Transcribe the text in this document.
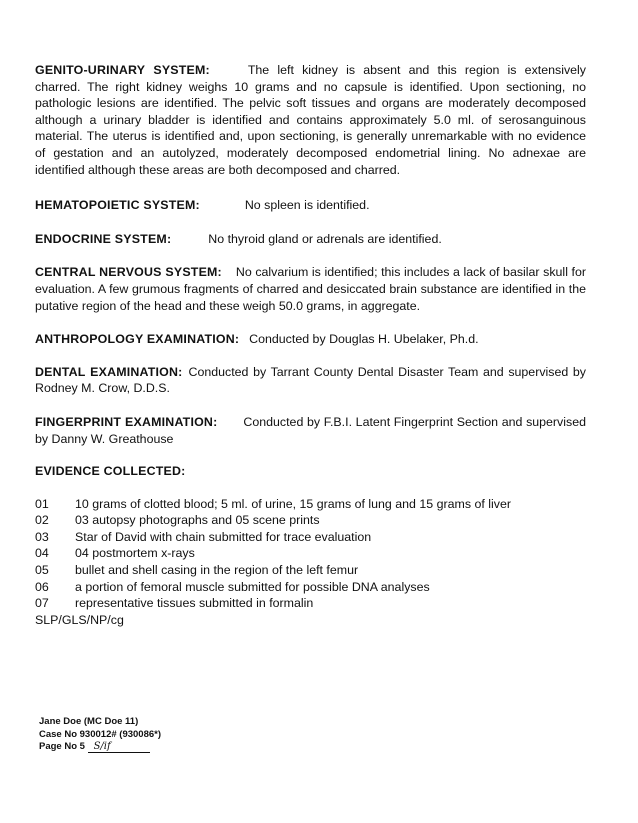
GENITO-URINARY SYSTEM:	The left kidney is absent and this region is extensively charred. The right kidney weighs 10 grams and no capsule is identified. Upon sectioning, no pathologic lesions are identified. The pelvic soft tissues and organs are moderately decomposed although a urinary bladder is identified and contains approximately 5.0 ml. of serosanguinous material. The uterus is identified and, upon sectioning, is generally unremarkable with no evidence of gestation and an autolyzed, moderately decomposed endometrial lining. No adnexae are identified although these areas are both decomposed and charred.

HEMATOPOIETIC SYSTEM:	No spleen is identified.

ENDOCRINE SYSTEM:	No thyroid gland or adrenals are identified.

CENTRAL NERVOUS SYSTEM: No calvarium is identified; this includes a lack of basilar skull for evaluation. A few grumous fragments of charred and desiccated brain substance are identified in the putative region of the head and these weigh 50.0 grams, in aggregate.

ANTHROPOLOGY EXAMINATION: Conducted by Douglas H. Ubelaker, Ph.d.

DENTAL EXAMINATION: Conducted by Tarrant County Dental Disaster Team and supervised by Rodney M. Crow, D.D.S.

FINGERPRINT EXAMINATION: Conducted by F.B.I. Latent Fingerprint Section and supervised by Danny W. Greathouse

EVIDENCE COLLECTED:

01	10 grams of clotted blood; 5 ml. of urine, 15 grams of lung and 15 grams of liver
02	03 autopsy photographs and 05 scene prints
03	Star of David with chain submitted for trace evaluation
04	04 postmortem x-rays
05	bullet and shell casing in the region of the left femur
06	a portion of femoral muscle submitted for possible DNA analyses
07	representative tissues submitted in formalin
SLP/GLS/NP/cg
Jane Doe (MC Doe 11)
Case No 930012# (930086*)
Page No 5 S/if
